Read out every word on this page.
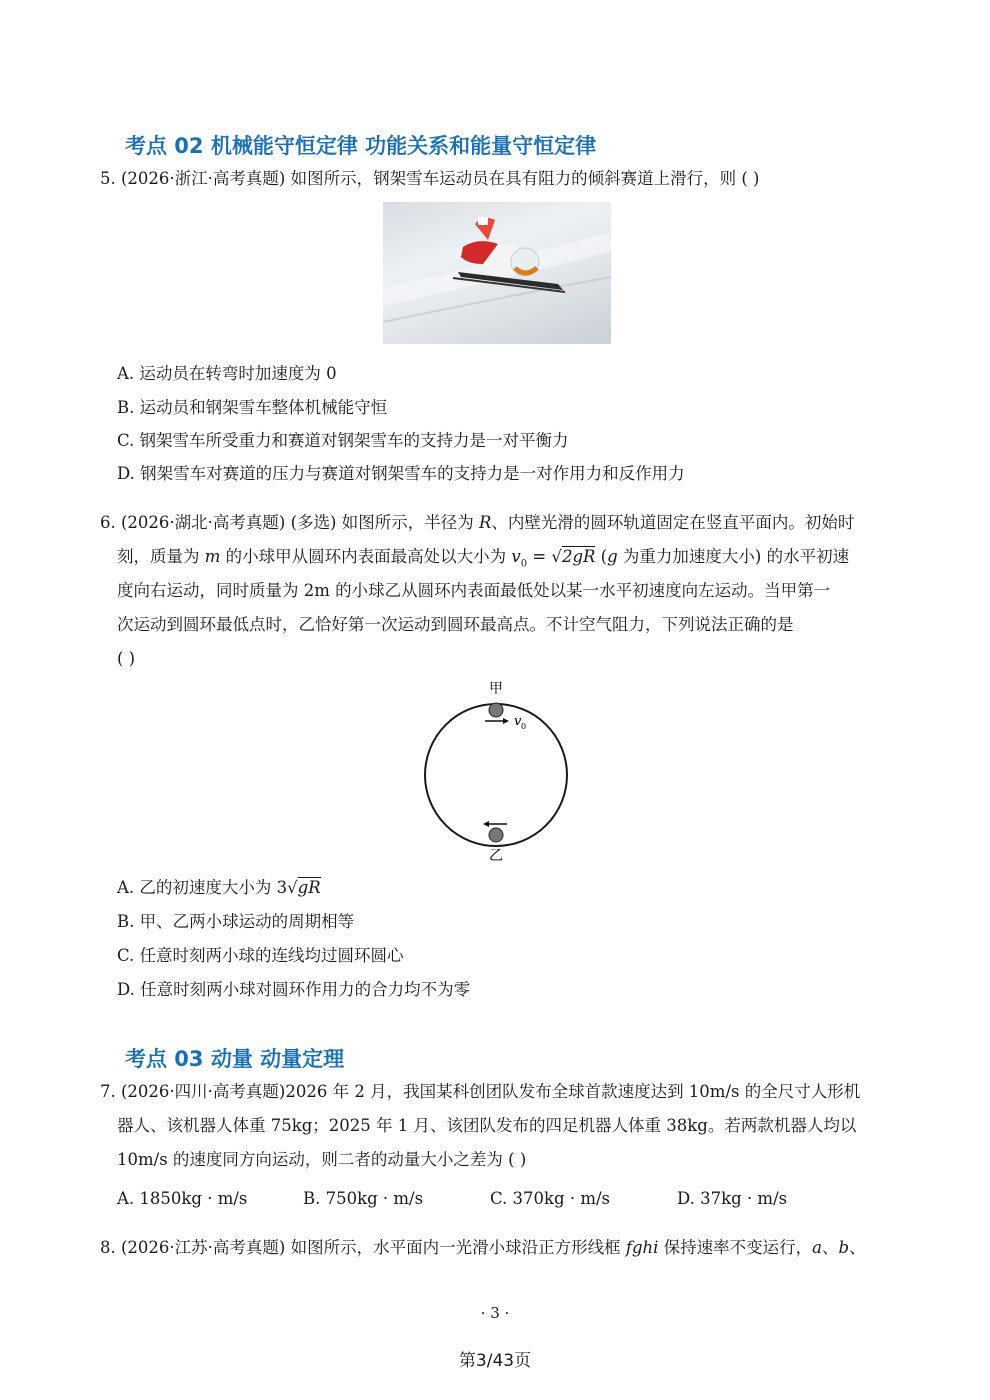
考点 02 机械能守恒定律 功能关系和能量守恒定律
5. (2026·浙江·高考真题) 如图所示，钢架雪车运动员在具有阻力的倾斜赛道上滑行，则 ( )
A. 运动员在转弯时加速度为 0
B. 运动员和钢架雪车整体机械能守恒
C. 钢架雪车所受重力和赛道对钢架雪车的支持力是一对平衡力
D. 钢架雪车对赛道的压力与赛道对钢架雪车的支持力是一对作用力和反作用力
6. (2026·湖北·高考真题) (多选) 如图所示，半径为 R、内壁光滑的圆环轨道固定在竖直平面内。初始时
刻，质量为 m 的小球甲从圆环内表面最高处以大小为 $v_0 = √2gR$ (g 为重力加速度大小) 的水平初速
度向右运动，同时质量为 2m 的小球乙从圆环内表面最低处以某一水平初速度向左运动。当甲第一
次运动到圆环最低点时，乙恰好第一次运动到圆环最高点。不计空气阻力，下列说法正确的是
( )
甲
乙
v 0
A. 乙的初速度大小为 3√gR
B. 甲、乙两小球运动的周期相等
C. 任意时刻两小球的连线均过圆环圆心
D. 任意时刻两小球对圆环作用力的合力均不为零
考点 03 动量 动量定理
7. (2026·四川·高考真题)2026 年 2 月，我国某科创团队发布全球首款速度达到 10m/s 的全尺寸人形机
器人、该机器人体重 75kg；2025 年 1 月、该团队发布的四足机器人体重 38kg。若两款机器人均以
10m/s 的速度同方向运动，则二者的动量大小之差为 ( )
A. 1850kg · m/s	B. 750kg · m/s	C. 370kg · m/s	D. 37kg · m/s
8. (2026·江苏·高考真题) 如图所示，水平面内一光滑小球沿正方形线框 fghi 保持速率不变运行，a、b、
· 3 ·
第3/43页
